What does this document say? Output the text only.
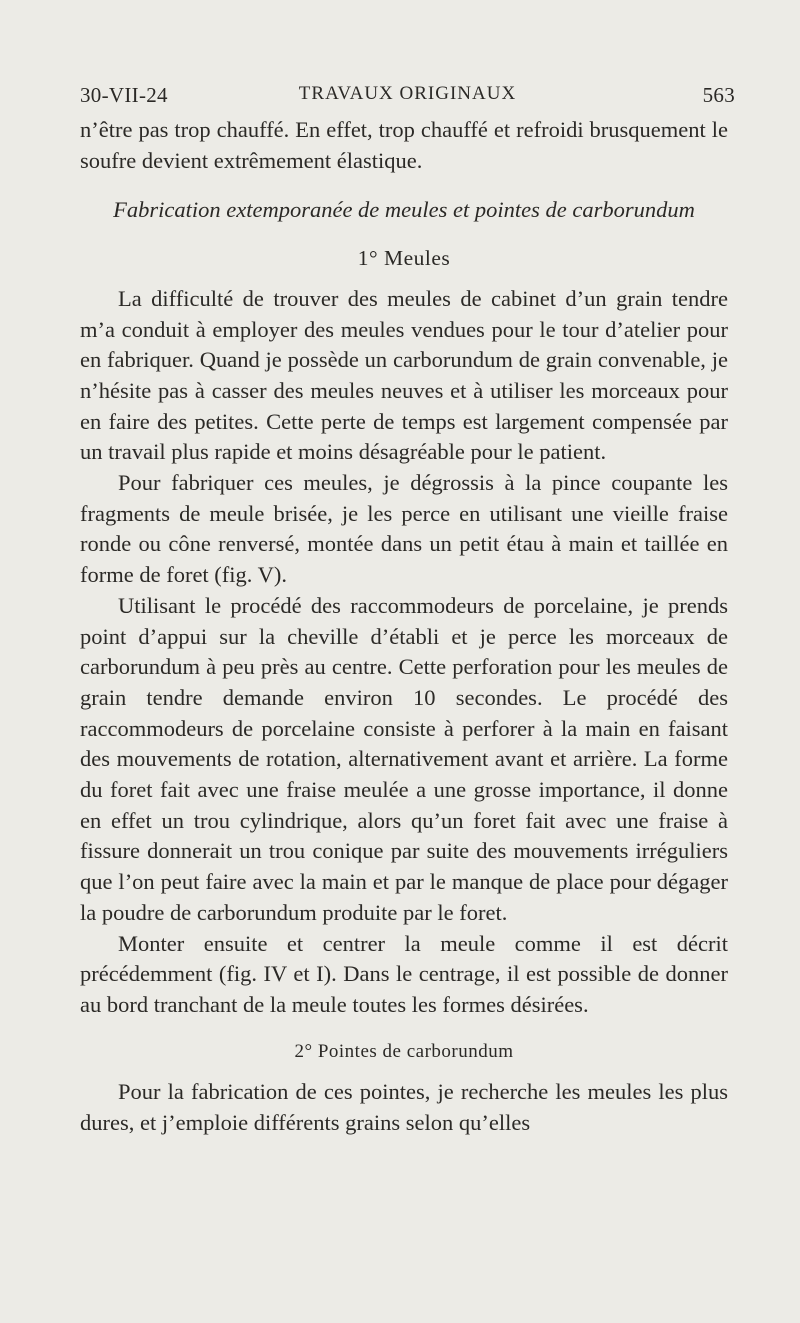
30-VII-24	TRAVAUX ORIGINAUX	563

n’être pas trop chauffé. En effet, trop chauffé et refroidi brusquement le soufre devient extrêmement élastique.

Fabrication extemporanée de meules et pointes de carborundum
1° Meules

La difficulté de trouver des meules de cabinet d’un grain tendre m’a conduit à employer des meules vendues pour le tour d’atelier pour en fabriquer. Quand je possède un carborundum de grain convenable, je n’hésite pas à casser des meules neuves et à utiliser les morceaux pour en faire des petites. Cette perte de temps est largement compensée par un travail plus rapide et moins désagréable pour le patient.

Pour fabriquer ces meules, je dégrossis à la pince coupante les fragments de meule brisée, je les perce en utilisant une vieille fraise ronde ou cône renversé, montée dans un petit étau à main et taillée en forme de foret (fig. V).

Utilisant le procédé des raccommodeurs de porcelaine, je prends point d’appui sur la cheville d’établi et je perce les morceaux de carborundum à peu près au centre. Cette perforation pour les meules de grain tendre demande environ 10 secondes. Le procédé des raccommodeurs de porcelaine consiste à perforer à la main en faisant des mouvements de rotation, alternativement avant et arrière. La forme du foret fait avec une fraise meulée a une grosse importance, il donne en effet un trou cylindrique, alors qu’un foret fait avec une fraise à fissure donnerait un trou conique par suite des mouvements irréguliers que l’on peut faire avec la main et par le manque de place pour dégager la poudre de carborundum produite par le foret.

Monter ensuite et centrer la meule comme il est décrit précédemment (fig. IV et I). Dans le centrage, il est possible de donner au bord tranchant de la meule toutes les formes désirées.

2° Pointes de carborundum

Pour la fabrication de ces pointes, je recherche les meules les plus dures, et j’emploie différents grains selon qu’elles
